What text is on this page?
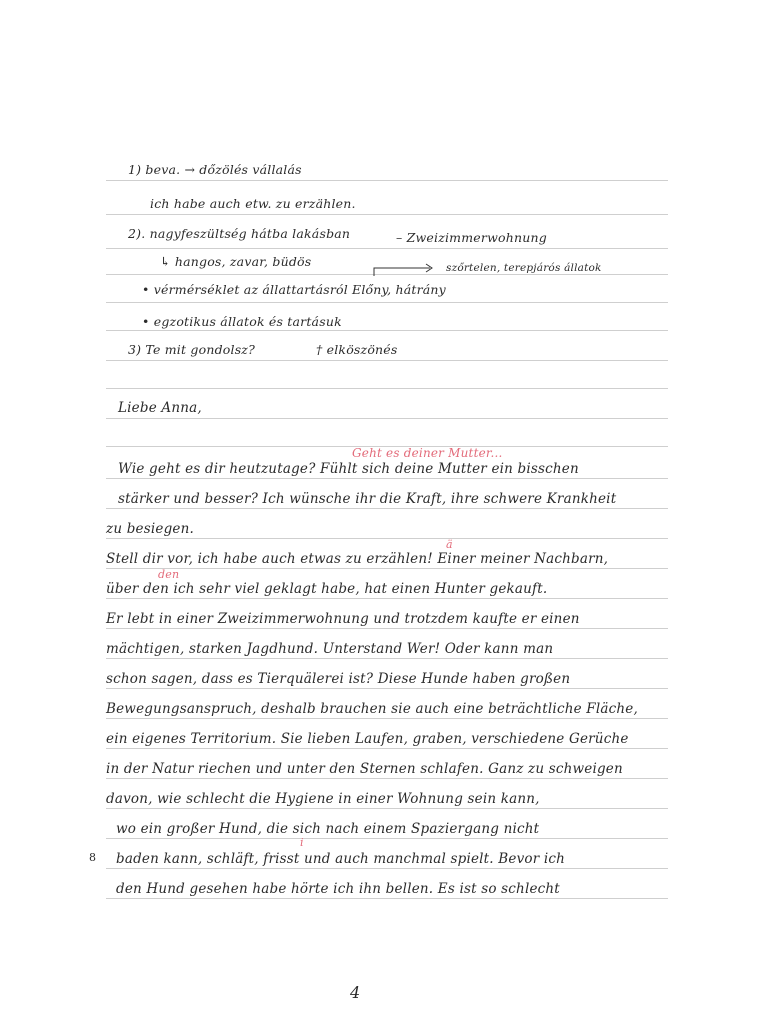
1) beva. → dőzölés vállalás
ich habe auch etw. zu erzählen.
2). nagyfeszültség hátba lakásban	– Zweizimmerwohnung
↳ hangos, zavar, büdös	szőrtelen, terepjárós állatok
• vérmérséklet az állattartásról Előny, hátrány
• egzotikus állatok és tartásuk
3) Te mit gondolsz?	† elköszönés
Liebe Anna,
Geht es deiner Mutter...
Wie geht es dir heutzutage? Fühlt sich deine Mutter ein bisschen
stärker und besser? Ich wünsche ihr die Kraft, ihre schwere Krankheit
zu besiegen.
ä
Stell dir vor, ich habe auch etwas zu erzählen! Einer meiner Nachbarn,
den
über den ich sehr viel geklagt habe, hat einen Hunter gekauft.
Er lebt in einer Zweizimmerwohnung und trotzdem kaufte er einen
mächtigen, starken Jagdhund. Unterstand Wer! Oder kann man
schon sagen, dass es Tierquälerei ist? Diese Hunde haben großen
Bewegungsanspruch, deshalb brauchen sie auch eine beträchtliche Fläche,
ein eigenes Territorium. Sie lieben Laufen, graben, verschiedene Gerüche
in der Natur riechen und unter den Sternen schlafen. Ganz zu schweigen
davon, wie schlecht die Hygiene in einer Wohnung sein kann,
wo ein großer Hund, die sich nach einem Spaziergang nicht
i
baden kann, schläft, frisst und auch manchmal spielt. Bevor ich
den Hund gesehen habe hörte ich ihn bellen. Es ist so schlecht
8
4
